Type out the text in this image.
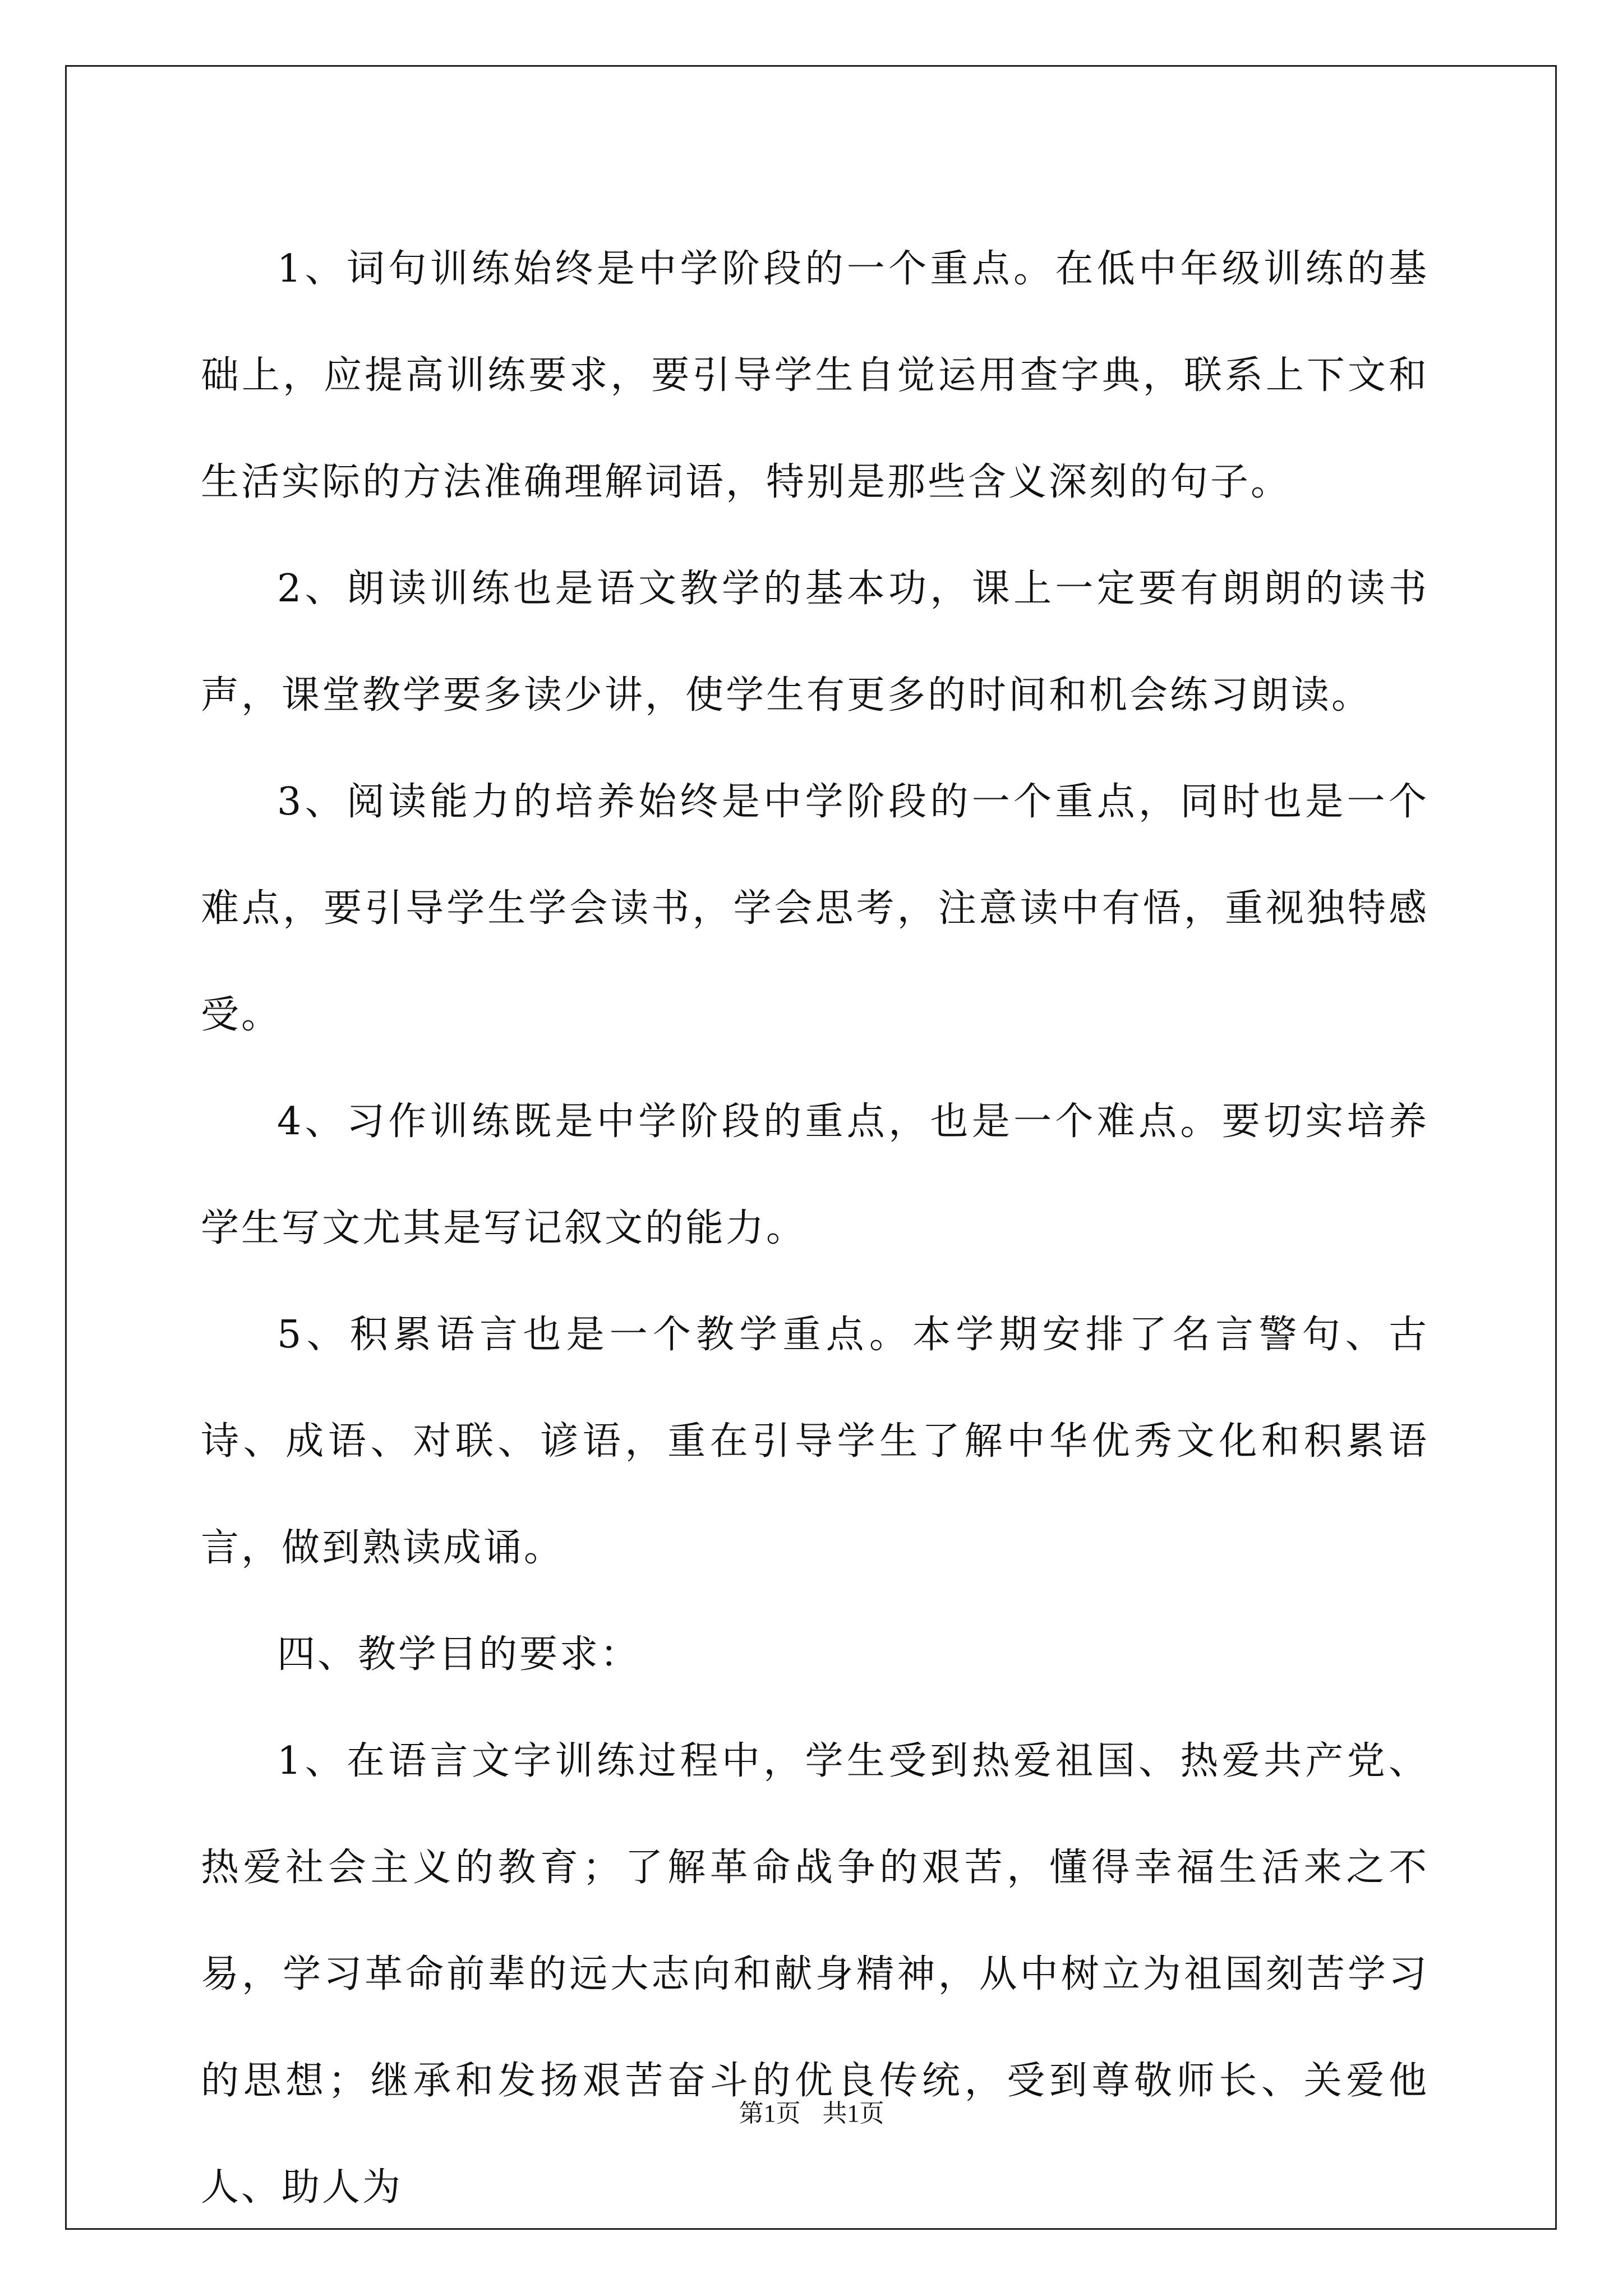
1、词句训练始终是中学阶段的一个重点。在低中年级训练的基础上，应提高训练要求，要引导学生自觉运用查字典，联系上下文和生活实际的方法准确理解词语，特别是那些含义深刻的句子。

2、朗读训练也是语文教学的基本功，课上一定要有朗朗的读书声，课堂教学要多读少讲，使学生有更多的时间和机会练习朗读。

3、阅读能力的培养始终是中学阶段的一个重点，同时也是一个难点，要引导学生学会读书，学会思考，注意读中有悟，重视独特感受。

4、习作训练既是中学阶段的重点，也是一个难点。要切实培养学生写文尤其是写记叙文的能力。

5、积累语言也是一个教学重点。本学期安排了名言警句、古诗、成语、对联、谚语，重在引导学生了解中华优秀文化和积累语言，做到熟读成诵。

四、教学目的要求：

1、在语言文字训练过程中，学生受到热爱祖国、热爱共产党、热爱社会主义的教育；了解革命战争的艰苦，懂得幸福生活来之不易，学习革命前辈的远大志向和献身精神，从中树立为祖国刻苦学习的思想；继承和发扬艰苦奋斗的优良传统，受到尊敬师长、关爱他人、助人为

第1页 共1页
